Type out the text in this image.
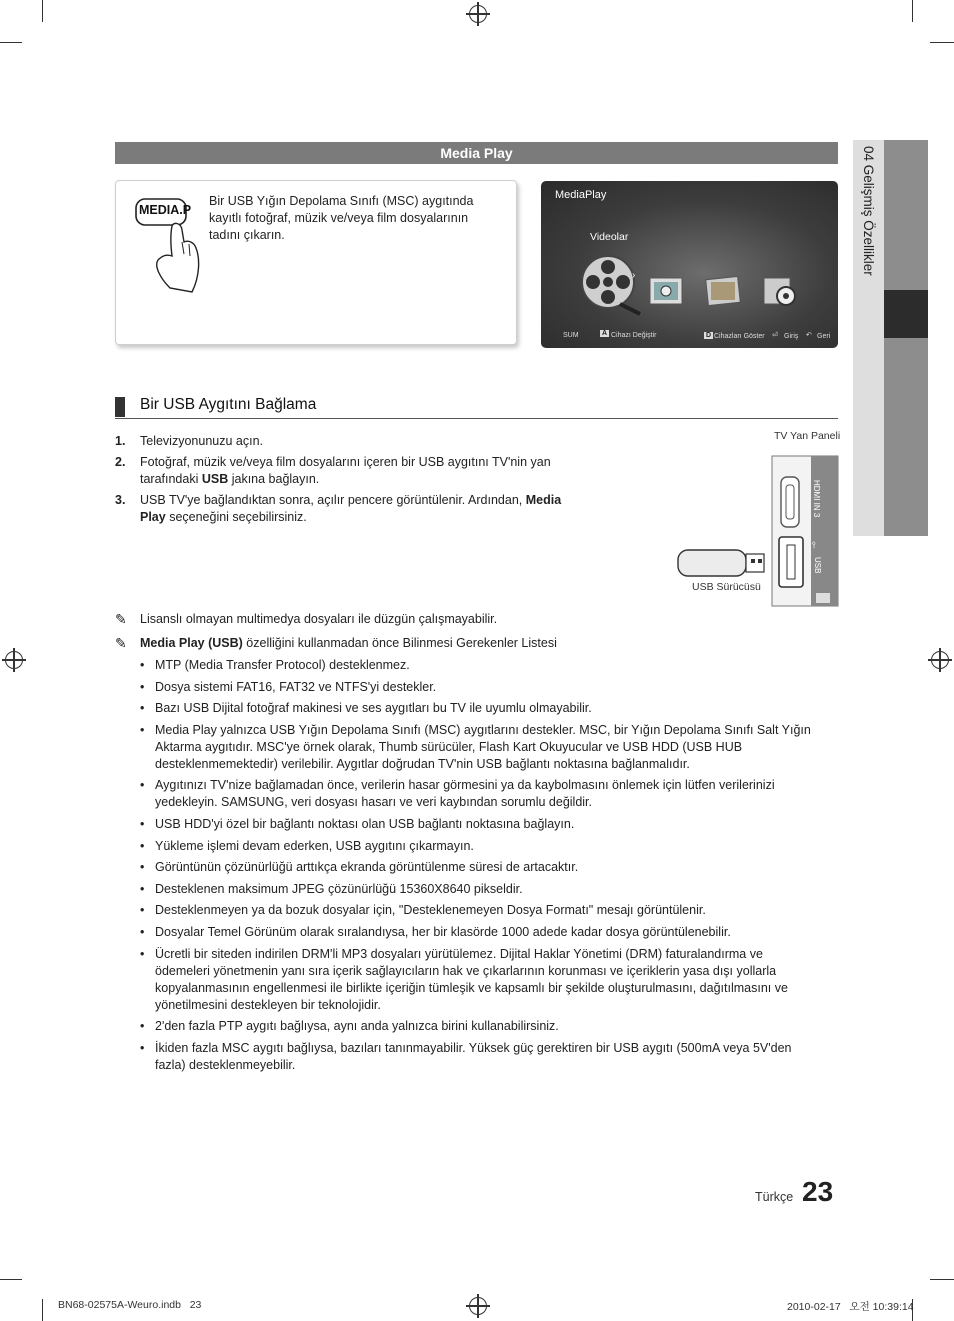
04 Gelişmiş Özellikler
Media Play
MEDIA.P
Bir USB Yığın Depolama Sınıfı (MSC) aygıtında kayıtlı fotoğraf, müzik ve/veya film dosyalarının tadını çıkarın.
MediaPlay
Videolar
›
SUM	A Cihazı Değiştir	D Cihazları Göster ⏎ Giriş ↶ Geri
Bir USB Aygıtını Bağlama
1. Televizyonunuzu açın.
2. Fotoğraf, müzik ve/veya film dosyalarını içeren bir USB aygıtını TV'nin yan tarafındaki USB jakına bağlayın.
3. USB TV'ye bağlandıktan sonra, açılır pencere görüntülenir. Ardından, Media Play seçeneğini seçebilirsiniz.
TV Yan Paneli
HDMI IN 3
⫯
USB
USB Sürücüsü
✎ Lisanslı olmayan multimedya dosyaları ile düzgün çalışmayabilir.
✎ Media Play (USB) özelliğini kullanmadan önce Bilinmesi Gerekenler Listesi
• MTP (Media Transfer Protocol) desteklenmez.
• Dosya sistemi FAT16, FAT32 ve NTFS'yi destekler.
• Bazı USB Dijital fotoğraf makinesi ve ses aygıtları bu TV ile uyumlu olmayabilir.
• Media Play yalnızca USB Yığın Depolama Sınıfı (MSC) aygıtlarını destekler. MSC, bir Yığın Depolama Sınıfı Salt Yığın Aktarma aygıtıdır. MSC'ye örnek olarak, Thumb sürücüler, Flash Kart Okuyucular ve USB HDD (USB HUB desteklenmemektedir) verilebilir. Aygıtlar doğrudan TV'nin USB bağlantı noktasına bağlanmalıdır.
• Aygıtınızı TV'nize bağlamadan önce, verilerin hasar görmesini ya da kaybolmasını önlemek için lütfen verilerinizi yedekleyin. SAMSUNG, veri dosyası hasarı ve veri kaybından sorumlu değildir.
• USB HDD'yi özel bir bağlantı noktası olan USB bağlantı noktasına bağlayın.
• Yükleme işlemi devam ederken, USB aygıtını çıkarmayın.
• Görüntünün çözünürlüğü arttıkça ekranda görüntülenme süresi de artacaktır.
• Desteklenen maksimum JPEG çözünürlüğü 15360X8640 pikseldir.
• Desteklenmeyen ya da bozuk dosyalar için, "Desteklenemeyen Dosya Formatı" mesajı görüntülenir.
• Dosyalar Temel Görünüm olarak sıralandıysa, her bir klasörde 1000 adede kadar dosya görüntülenebilir.
• Ücretli bir siteden indirilen DRM'li MP3 dosyaları yürütülemez. Dijital Haklar Yönetimi (DRM) faturalandırma ve ödemeleri yönetmenin yanı sıra içerik sağlayıcıların hak ve çıkarlarının korunması ve içeriklerin yasa dışı yollarla kopyalanmasının engellenmesi ile birlikte içeriğin tümleşik ve kapsamlı bir şekilde oluşturulmasını, dağıtılmasını ve yönetilmesini destekleyen bir teknolojidir.
• 2'den fazla PTP aygıtı bağlıysa, aynı anda yalnızca birini kullanabilirsiniz.
• İkiden fazla MSC aygıtı bağlıysa, bazıları tanınmayabilir. Yüksek güç gerektiren bir USB aygıtı (500mA veya 5V'den fazla) desteklenmeyebilir.
Türkçe 23
BN68-02575A-Weuro.indb   23	2010-02-17   오전 10:39:14
